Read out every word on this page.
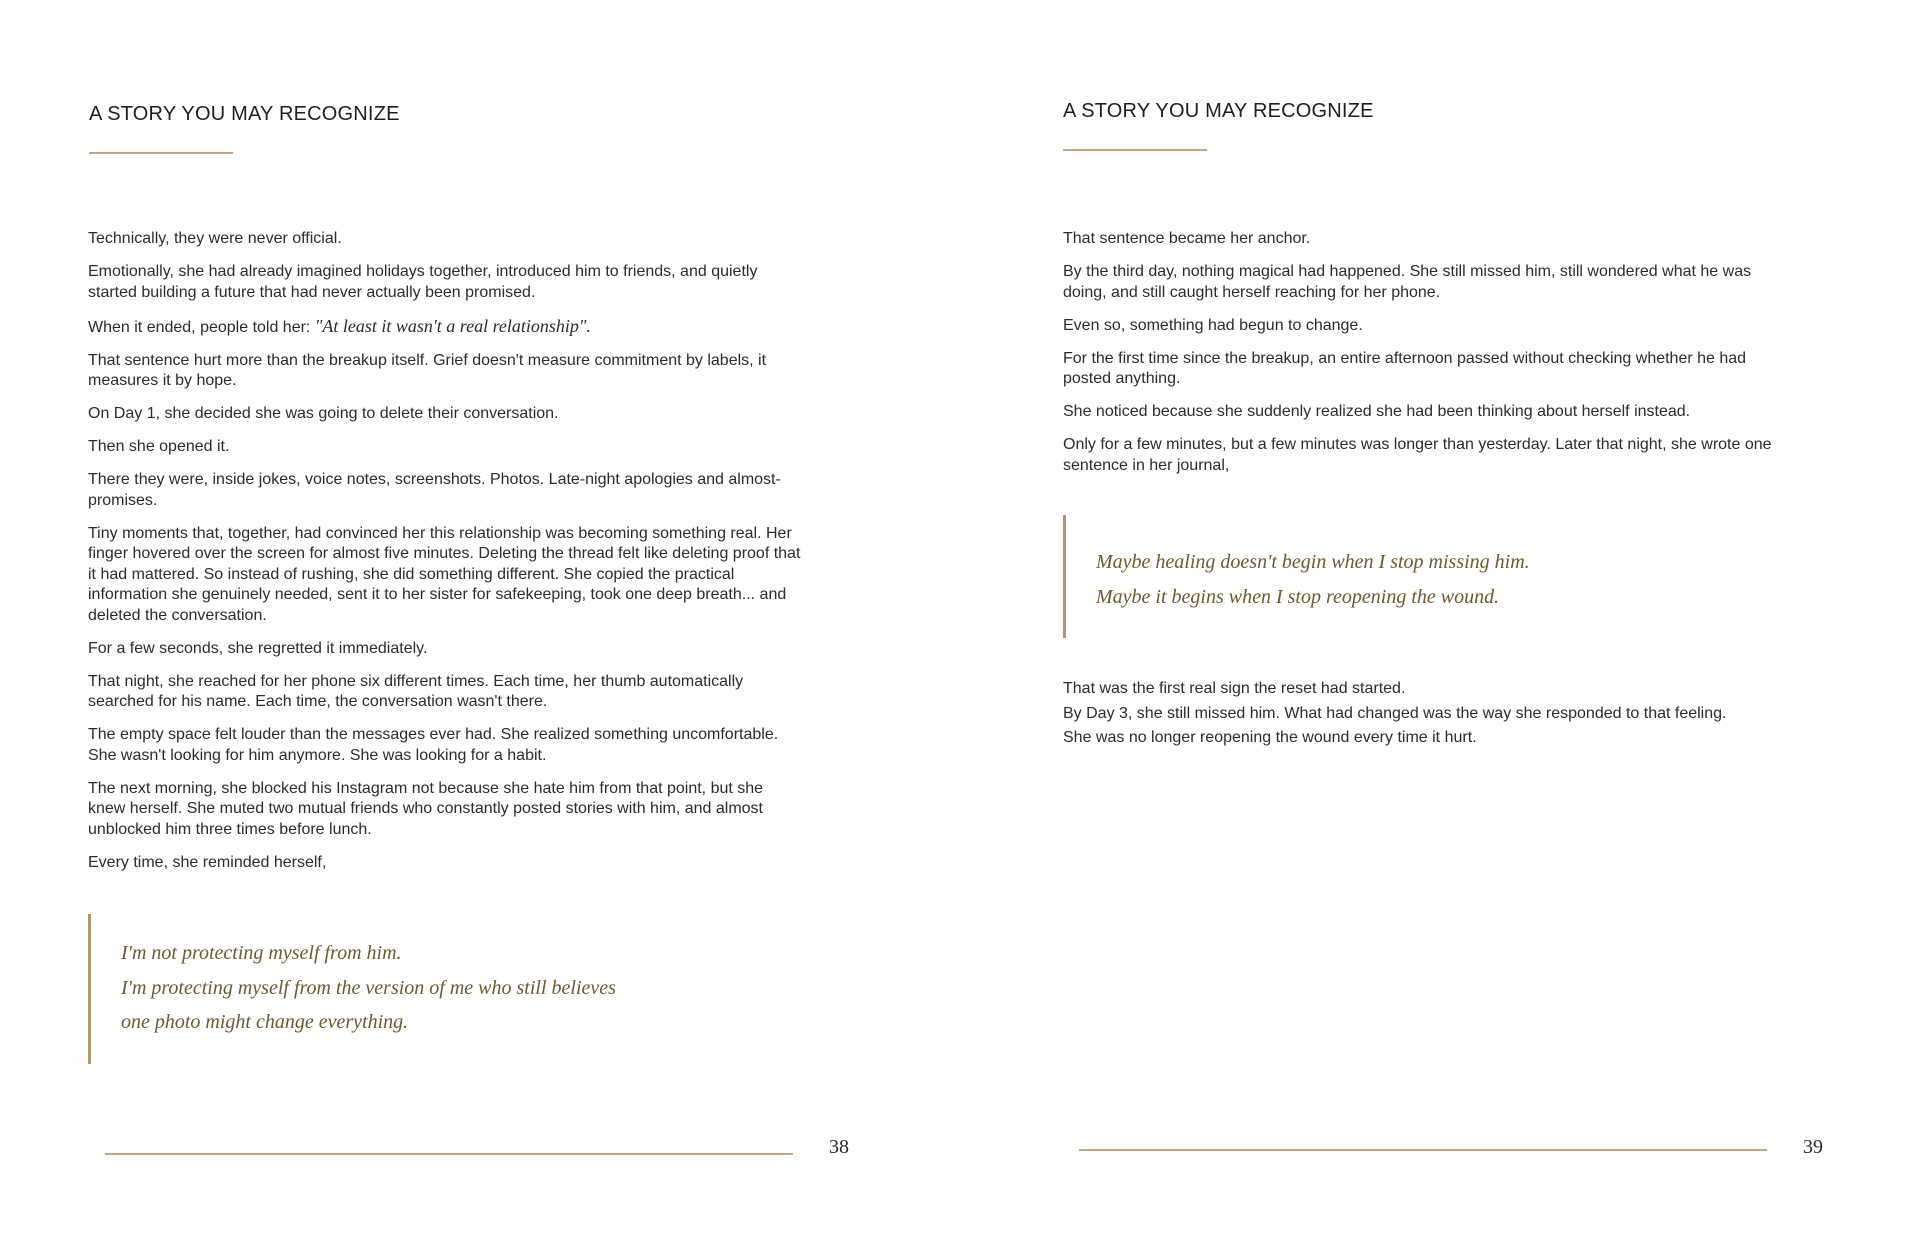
A STORY YOU MAY RECOGNIZE

Technically, they were never official.

Emotionally, she had already imagined holidays together, introduced him to friends, and quietly started building a future that had never actually been promised.

When it ended, people told her: "At least it wasn't a real relationship".

That sentence hurt more than the breakup itself. Grief doesn't measure commitment by labels, it measures it by hope.

On Day 1, she decided she was going to delete their conversation.

Then she opened it.

There they were, inside jokes, voice notes, screenshots. Photos. Late-night apologies and almost-promises.

Tiny moments that, together, had convinced her this relationship was becoming something real. Her finger hovered over the screen for almost five minutes. Deleting the thread felt like deleting proof that it had mattered. So instead of rushing, she did something different. She copied the practical information she genuinely needed, sent it to her sister for safekeeping, took one deep breath... and deleted the conversation.

For a few seconds, she regretted it immediately.

That night, she reached for her phone six different times. Each time, her thumb automatically searched for his name. Each time, the conversation wasn't there.

The empty space felt louder than the messages ever had. She realized something uncomfortable. She wasn't looking for him anymore. She was looking for a habit.

The next morning, she blocked his Instagram not because she hate him from that point, but she knew herself. She muted two mutual friends who constantly posted stories with him, and almost unblocked him three times before lunch.

Every time, she reminded herself,

I'm not protecting myself from him.
I'm protecting myself from the version of me who still believes
one photo might change everything.
38
A STORY YOU MAY RECOGNIZE

That sentence became her anchor.

By the third day, nothing magical had happened. She still missed him, still wondered what he was doing, and still caught herself reaching for her phone.

Even so, something had begun to change.

For the first time since the breakup, an entire afternoon passed without checking whether he had posted anything.

She noticed because she suddenly realized she had been thinking about herself instead.

Only for a few minutes, but a few minutes was longer than yesterday. Later that night, she wrote one sentence in her journal,

Maybe healing doesn't begin when I stop missing him.
Maybe it begins when I stop reopening the wound.

That was the first real sign the reset had started.

By Day 3, she still missed him. What had changed was the way she responded to that feeling.

She was no longer reopening the wound every time it hurt.

39
